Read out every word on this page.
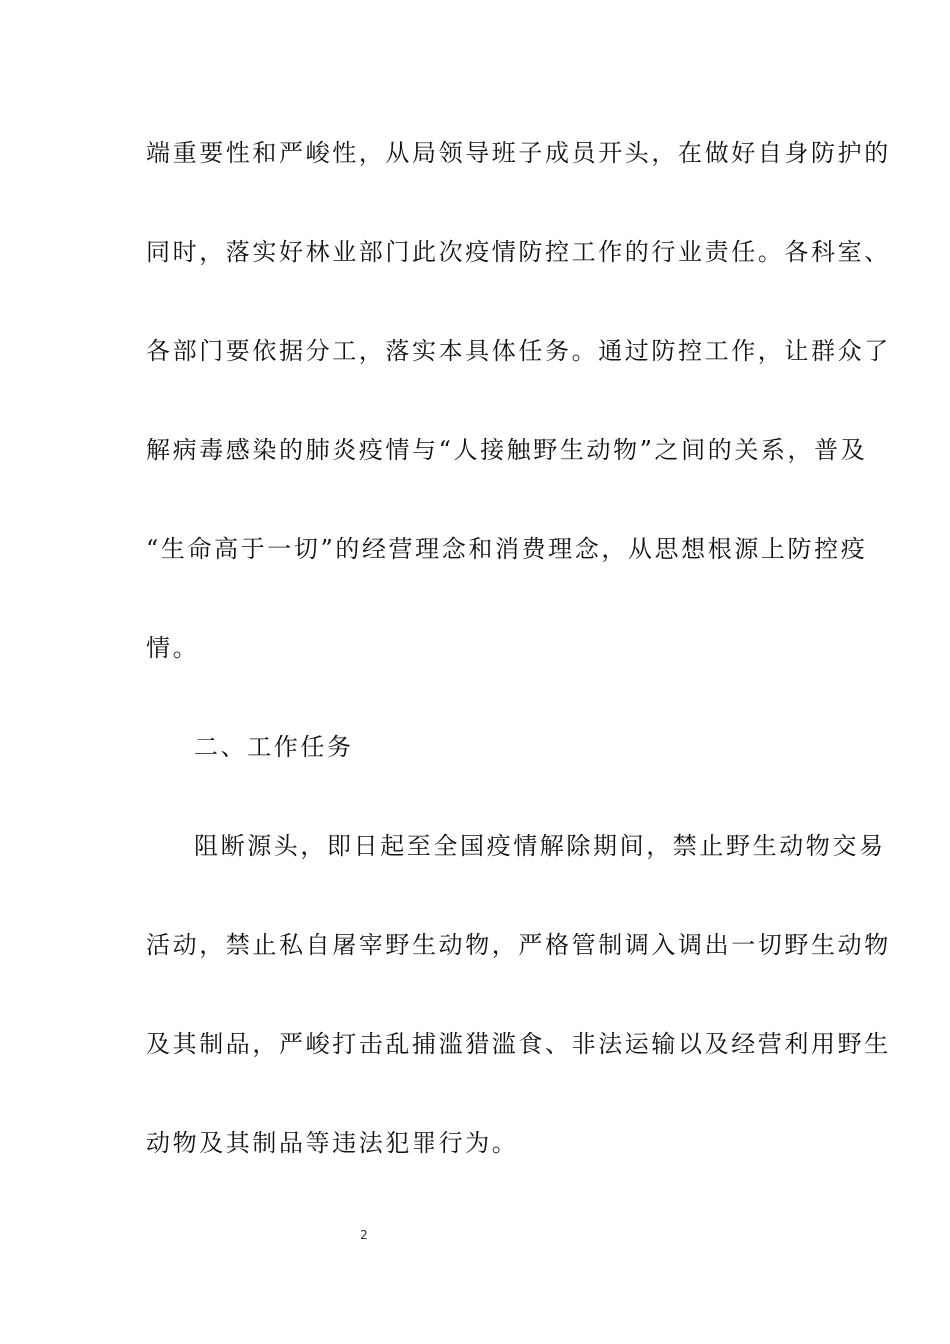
端重要性和严峻性，从局领导班子成员开头，在做好自身防护的
同时，落实好林业部门此次疫情防控工作的行业责任。各科室、
各部门要依据分工，落实本具体任务。通过防控工作，让群众了
解病毒感染的肺炎疫情与“人接触野生动物”之间的关系，普及
“生命高于一切”的经营理念和消费理念，从思想根源上防控疫
情。
二、工作任务
阻断源头，即日起至全国疫情解除期间，禁止野生动物交易
活动，禁止私自屠宰野生动物，严格管制调入调出一切野生动物
及其制品，严峻打击乱捕滥猎滥食、非法运输以及经营利用野生
动物及其制品等违法犯罪行为。
2
